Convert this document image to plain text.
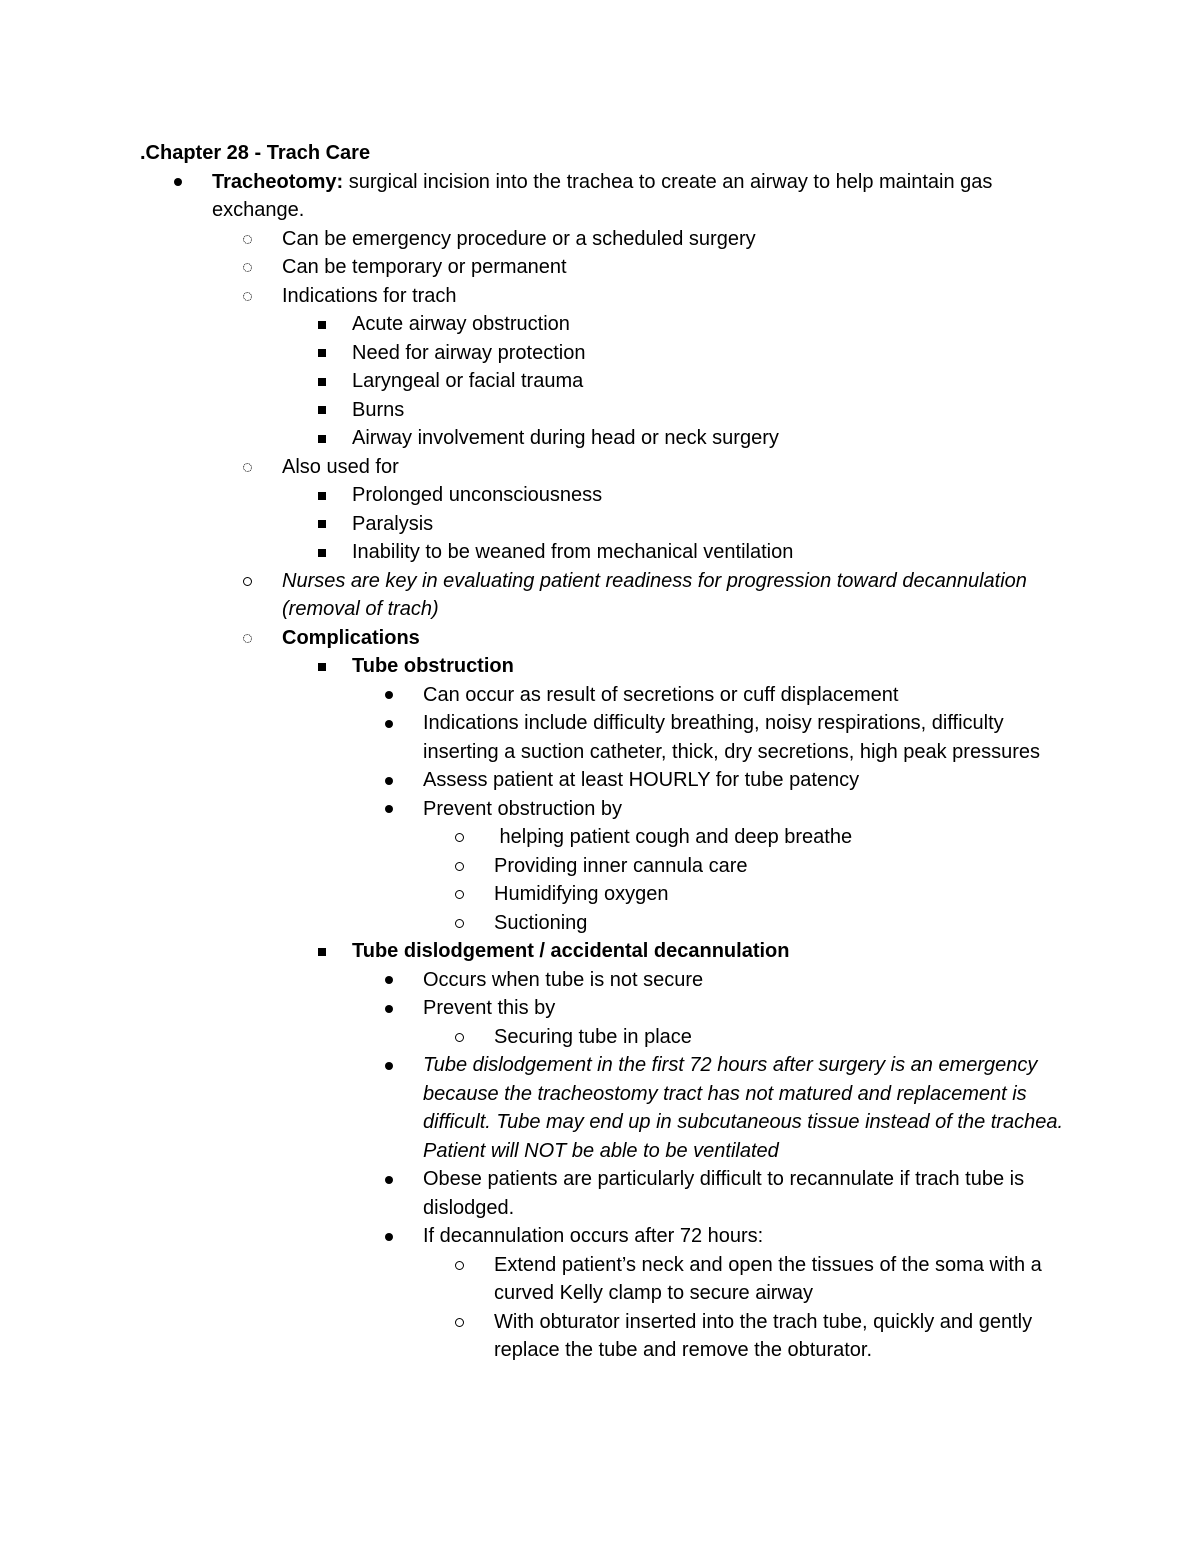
.Chapter 28 - Trach Care

Tracheotomy: surgical incision into the trachea to create an airway to help maintain gas exchange.
Can be emergency procedure or a scheduled surgery
Can be temporary or permanent
Indications for trach
Acute airway obstruction
Need for airway protection
Laryngeal or facial trauma
Burns
Airway involvement during head or neck surgery
Also used for
Prolonged unconsciousness
Paralysis
Inability to be weaned from mechanical ventilation
Nurses are key in evaluating patient readiness for progression toward decannulation (removal of trach)
Complications
Tube obstruction
Can occur as result of secretions or cuff displacement
Indications include difficulty breathing, noisy respirations, difficulty inserting a suction catheter, thick, dry secretions, high peak pressures
Assess patient at least HOURLY for tube patency
Prevent obstruction by
helping patient cough and deep breathe
Providing inner cannula care
Humidifying oxygen
Suctioning
Tube dislodgement / accidental decannulation
Occurs when tube is not secure
Prevent this by
Securing tube in place
Tube dislodgement in the first 72 hours after surgery is an emergency because the tracheostomy tract has not matured and replacement is difficult. Tube may end up in subcutaneous tissue instead of the trachea. Patient will NOT be able to be ventilated
Obese patients are particularly difficult to recannulate if trach tube is dislodged.
If decannulation occurs after 72 hours:
Extend patient’s neck and open the tissues of the soma with a curved Kelly clamp to secure airway
With obturator inserted into the trach tube, quickly and gently replace the tube and remove the obturator.
